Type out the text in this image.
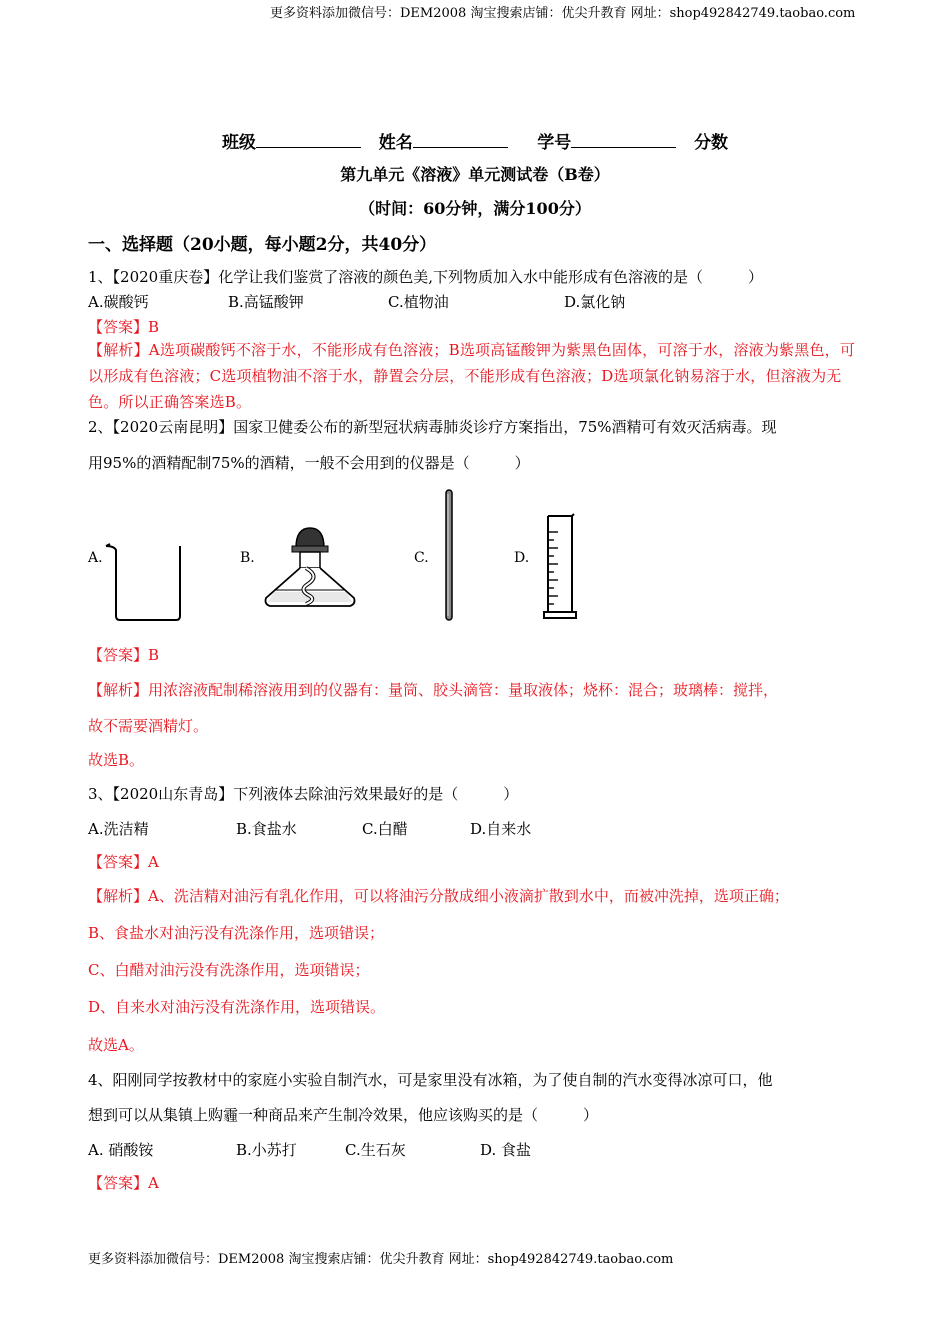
更多资料添加微信号：DEM2008 淘宝搜索店铺：优尖升教育 网址：shop492842749.taobao.com
班级	姓名	学号	分数
第九单元《溶液》单元测试卷（B卷）
（时间：60分钟，满分100分）
一、选择题（20小题，每小题2分，共40分）
1、【2020重庆卷】化学让我们鉴赏了溶液的颜色美,下列物质加入水中能形成有色溶液的是（　　　）
A.碳酸钙	B.高锰酸钾	C.植物油	D.氯化钠
【答案】B
【解析】A选项碳酸钙不溶于水，不能形成有色溶液；B选项高锰酸钾为紫黑色固体，可溶于水，溶液为紫黑色，可以形成有色溶液；C选项植物油不溶于水，静置会分层，不能形成有色溶液；D选项氯化钠易溶于水，但溶液为无色。所以正确答案选B。
2、【2020云南昆明】国家卫健委公布的新型冠状病毒肺炎诊疗方案指出，75%酒精可有效灭活病毒。现
用95%的酒精配制75%的酒精，一般不会用到的仪器是（　　　）
A.	B.	C.	D.
【答案】B
【解析】用浓溶液配制稀溶液用到的仪器有：量筒、胶头滴管：量取液体；烧杯：混合；玻璃棒：搅拌，
故不需要酒精灯。
故选B。
3、【2020山东青岛】下列液体去除油污效果最好的是（　　　）
A.洗洁精	B.食盐水	C.白醋	D.自来水
【答案】A
【解析】A、洗洁精对油污有乳化作用，可以将油污分散成细小液滴扩散到水中，而被冲洗掉，选项正确；
B、食盐水对油污没有洗涤作用，选项错误；
C、白醋对油污没有洗涤作用，选项错误；
D、自来水对油污没有洗涤作用，选项错误。
故选A。
4、阳刚同学按教材中的家庭小实验自制汽水，可是家里没有冰箱，为了使自制的汽水变得冰凉可口，他
想到可以从集镇上购霾一种商品来产生制冷效果，他应该购买的是（　　　）
A. 硝酸铵	B.小苏打	C.生石灰	D. 食盐
【答案】A
更多资料添加微信号：DEM2008 淘宝搜索店铺：优尖升教育 网址：shop492842749.taobao.com
